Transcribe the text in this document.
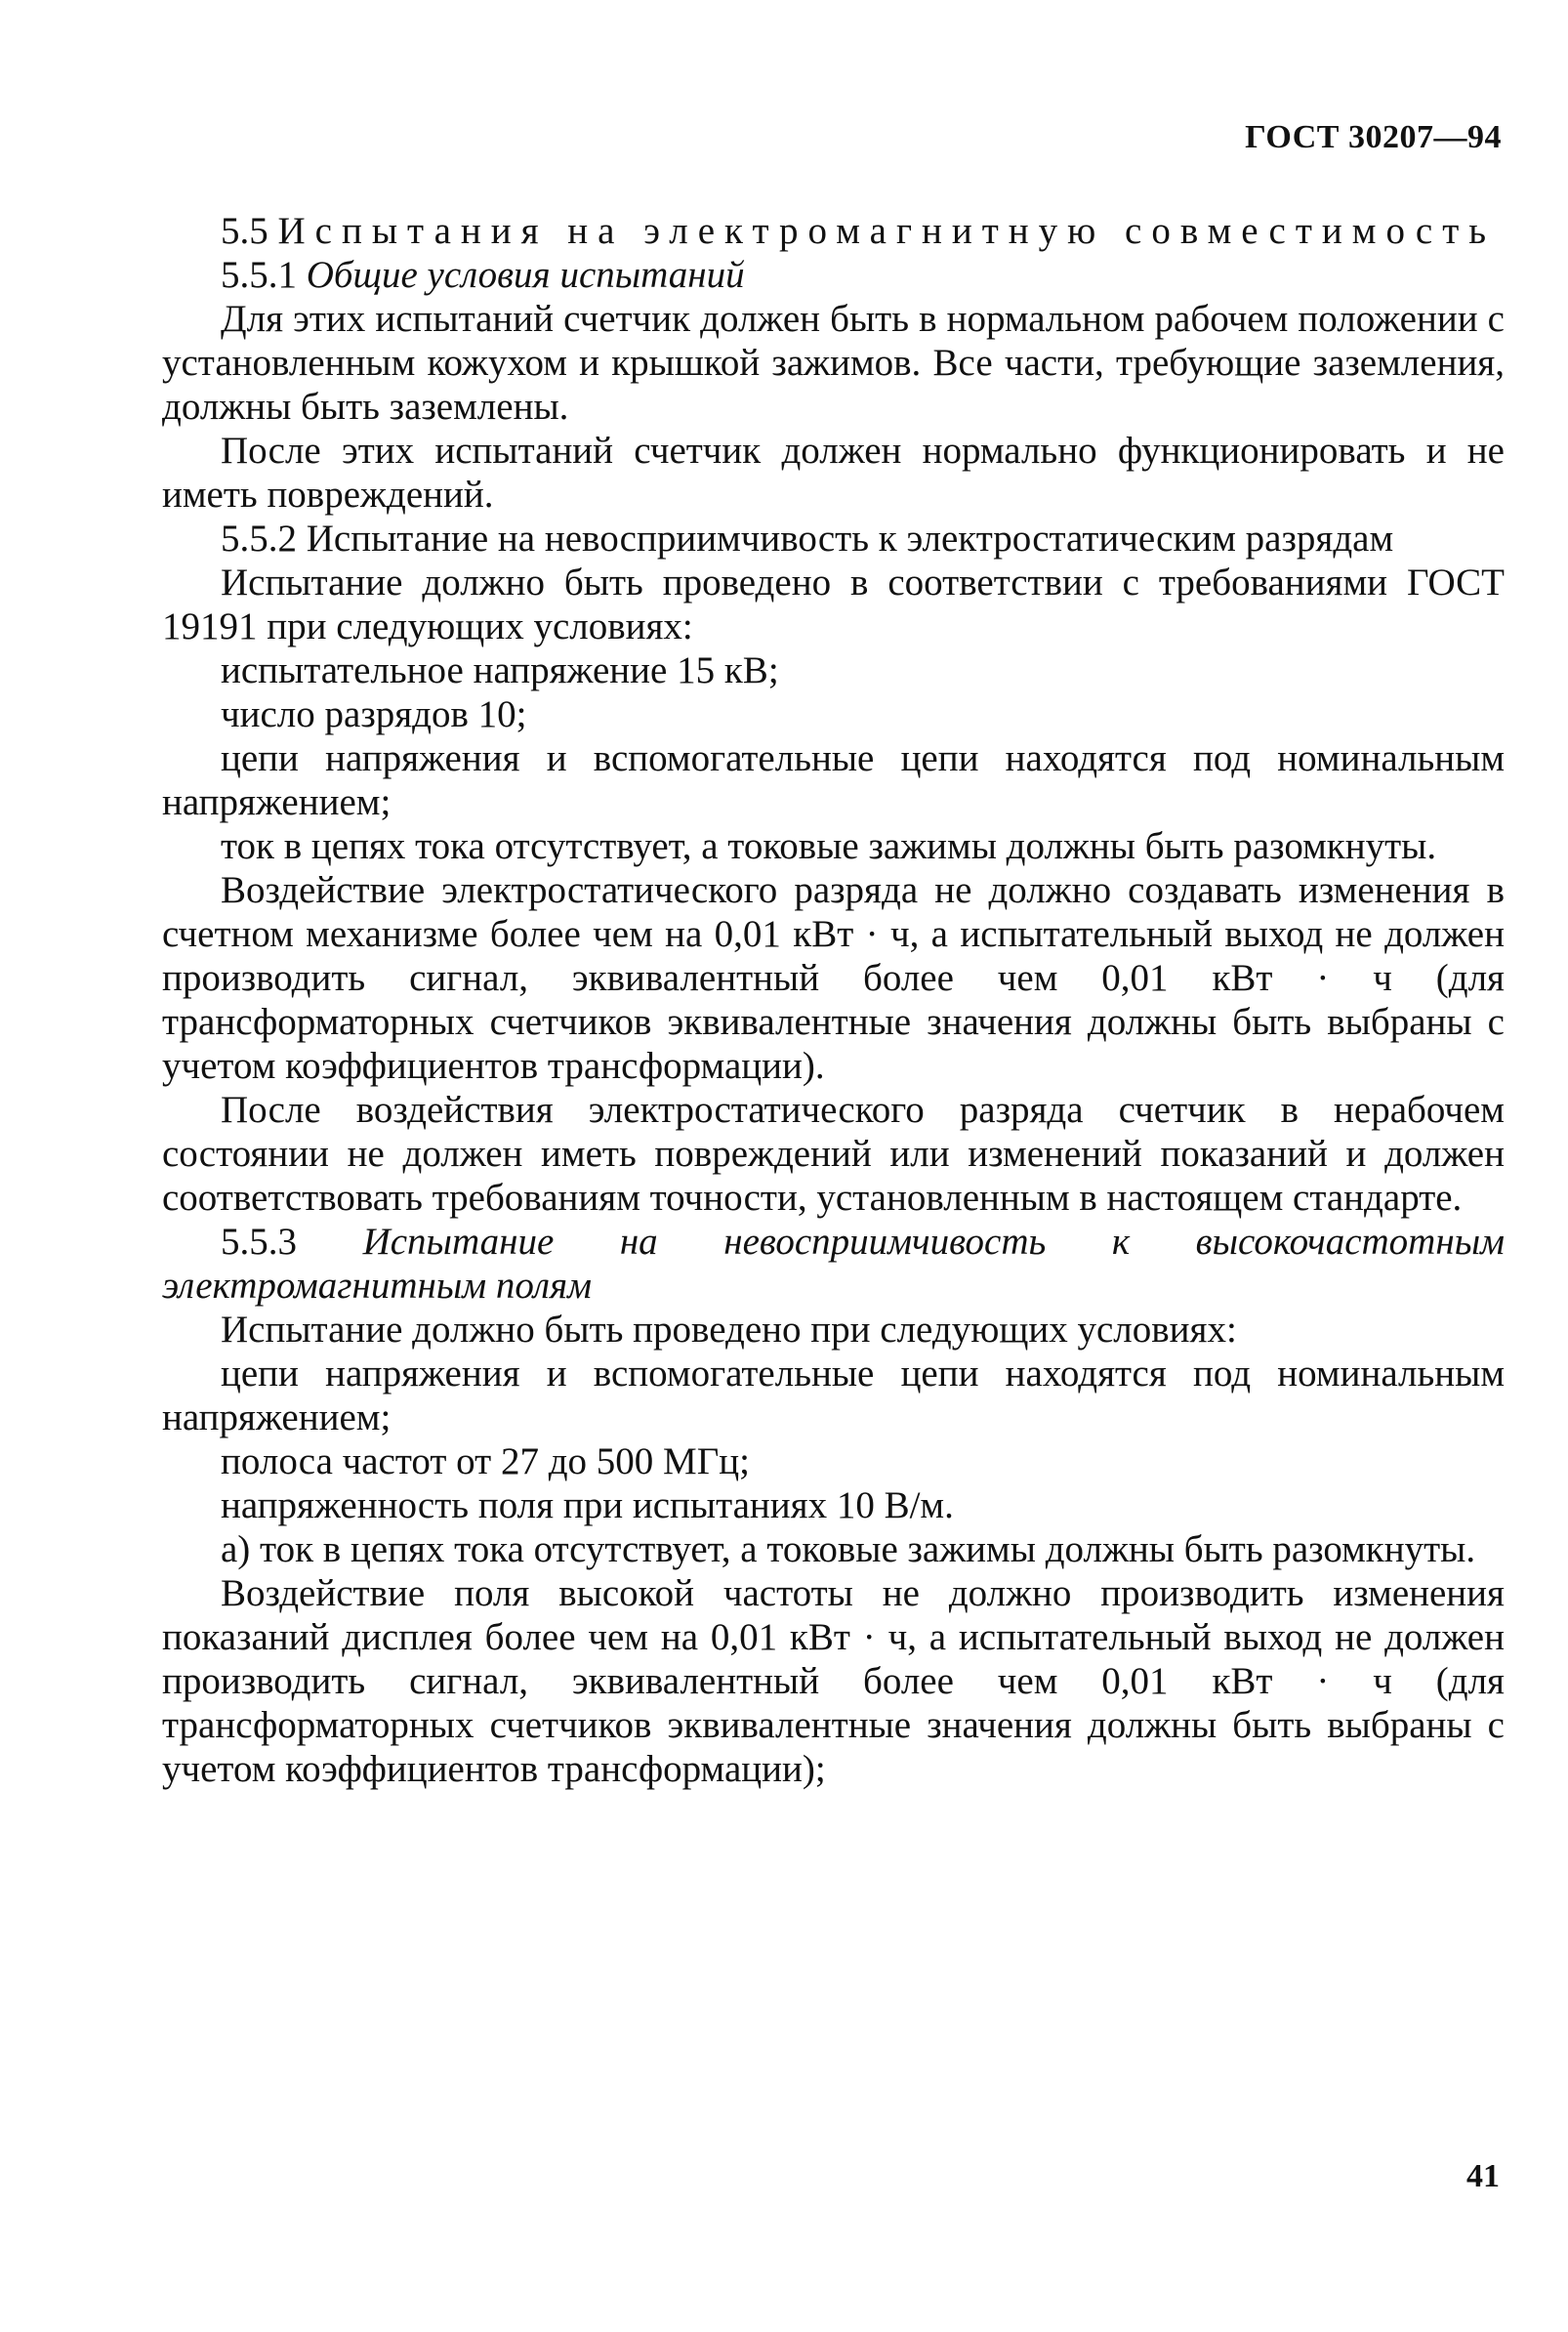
ГОСТ 30207—94

5.5 Испытания на электромагнитную совместимость

5.5.1 Общие условия испытаний

Для этих испытаний счетчик должен быть в нормальном рабочем положении с установленным кожухом и крышкой зажимов. Все части, требующие заземления, должны быть заземлены.

После этих испытаний счетчик должен нормально функционировать и не иметь повреждений.

5.5.2 Испытание на невосприимчивость к электростатическим разрядам

Испытание должно быть проведено в соответствии с требованиями ГОСТ 19191 при следующих условиях:

испытательное напряжение 15 кВ;

число разрядов 10;

цепи напряжения и вспомогательные цепи находятся под номинальным напряжением;

ток в цепях тока отсутствует, а токовые зажимы должны быть разомкнуты.

Воздействие электростатического разряда не должно создавать изменения в счетном механизме более чем на 0,01 кВт · ч, а испытательный выход не должен производить сигнал, эквивалентный более чем 0,01 кВт · ч (для трансформаторных счетчиков эквивалентные значения должны быть выбраны с учетом коэффициентов трансформации).

После воздействия электростатического разряда счетчик в нерабочем состоянии не должен иметь повреждений или изменений показаний и должен соответствовать требованиям точности, установленным в настоящем стандарте.

5.5.3 Испытание на невосприимчивость к высокочастотным электромагнитным полям

Испытание должно быть проведено при следующих условиях:

цепи напряжения и вспомогательные цепи находятся под номинальным напряжением;

полоса частот от 27 до 500 МГц;

напряженность поля при испытаниях 10 В/м.

а) ток в цепях тока отсутствует, а токовые зажимы должны быть разомкнуты.

Воздействие поля высокой частоты не должно производить изменения показаний дисплея более чем на 0,01 кВт · ч, а испытательный выход не должен производить сигнал, эквивалентный более чем 0,01 кВт · ч (для трансформаторных счетчиков эквивалентные значения должны быть выбраны с учетом коэффициентов трансформации);

41
